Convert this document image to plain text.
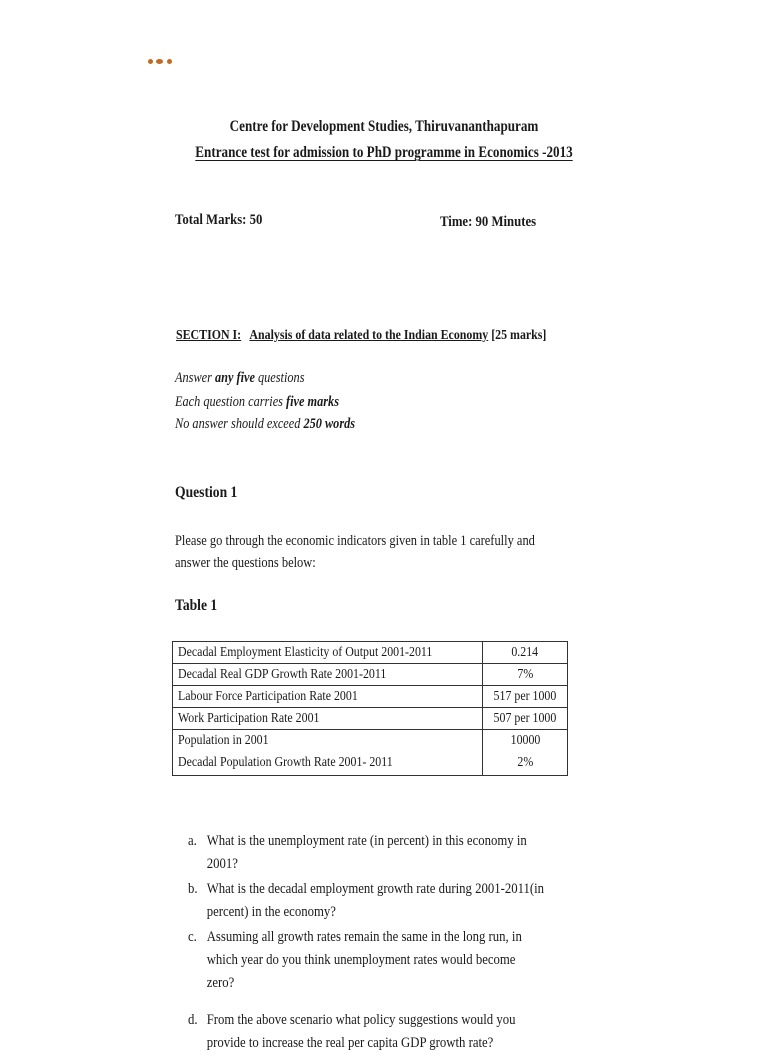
Centre for Development Studies, Thiruvananthapuram
Entrance test for admission to PhD programme in Economics -2013
Total Marks: 50	Time: 90 Minutes
SECTION I: Analysis of data related to the Indian Economy [25 marks]
Answer any five questions
Each question carries five marks
No answer should exceed 250 words
Question 1
Please go through the economic indicators given in table 1 carefully and answer the questions below:
Table 1
Decadal Employment Elasticity of Output 2001-2011	0.214
Decadal Real GDP Growth Rate 2001-2011	7%
Labour Force Participation Rate 2001	517 per 1000
Work Participation Rate 2001	507 per 1000
Population in 2001	10000
Decadal Population Growth Rate 2001- 2011	2%
a. What is the unemployment rate (in percent) in this economy in 2001?
b. What is the decadal employment growth rate during 2001-2011(in percent) in the economy?
c. Assuming all growth rates remain the same in the long run, in which year do you think unemployment rates would become zero?
d. From the above scenario what policy suggestions would you provide to increase the real per capita GDP growth rate?
